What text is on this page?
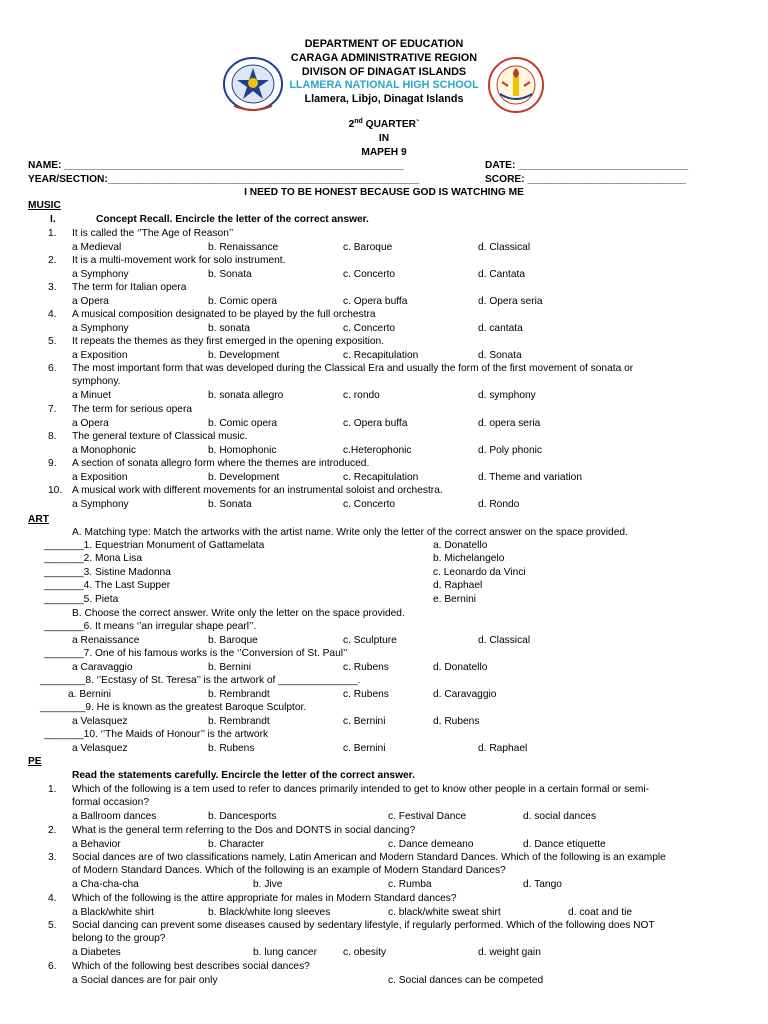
DEPARTMENT OF EDUCATION
CARAGA ADMINISTRATIVE REGION
DIVISON OF DINAGAT ISLANDS
LLAMERA NATIONAL HIGH SCHOOL
Llamera, Libjo, Dinagat Islands
2nd QUARTER`
IN
MAPEH 9
NAME: ____________________________________________________________	DATE: ______________________________
YEAR/SECTION:_______________________________________________________	SCORE: ____________________________
I NEED TO BE HONEST BECAUSE GOD IS WATCHING ME
MUSIC
I.	Concept Recall. Encircle the letter of the correct answer.
1. It is called the ‘’The Age of Reason’’
a Medieval	b. Renaissance	c. Baroque	d. Classical
2. It is a multi-movement work for solo instrument.
a Symphony	b. Sonata	c. Concerto	d. Cantata
3. The term for Italian opera
a Opera	b. Comic opera	c. Opera buffa	d. Opera seria
4. A musical composition designated to be played by the full orchestra
a Symphony	b. sonata	c. Concerto	d. cantata
5. It repeats the themes as they first emerged in the opening exposition.
a Exposition	b. Development	c. Recapitulation	d. Sonata
6. The most important form that was developed during the Classical Era and usually the form of the first movement of sonata or
symphony.
a Minuet	b. sonata allegro	c. rondo	d. symphony
7. The term for serious opera
a Opera	b. Comic opera	c. Opera buffa	d. opera seria
8. The general texture of Classical music.
a Monophonic	b. Homophonic	c.Heterophonic	d. Poly phonic
9. A section of sonata allegro form where the themes are introduced.
a Exposition	b. Development	c. Recapitulation	d. Theme and variation
10. A musical work with different movements for an instrumental soloist and orchestra.
a Symphony	b. Sonata	c. Concerto	d. Rondo
ART
A. Matching type: Match the artworks with the artist name. Write only the letter of the correct answer on the space provided.
_______1. Equestrian Monument of Gattamelata	a. Donatello
_______2. Mona Lisa	b. Michelangelo
_______3. Sistine Madonna	c. Leonardo da Vinci
_______4. The Last Supper	d. Raphael
_______5. Pieta	e. Bernini
B. Choose the correct answer. Write only the letter on the space provided.
_______6. It means ‘’an irregular shape pearl’’.
a Renaissance	b. Baroque	c. Sculpture	d. Classical
_______7. One of his famous works is the ‘’Conversion of St. Paul’’
a Caravaggio	b. Bernini	c. Rubens	d. Donatello
________8. ‘’Ecstasy of St. Teresa’’ is the artwork of ______________.
a. Bernini	b. Rembrandt	c. Rubens	d. Caravaggio
________9. He is known as the greatest Baroque Sculptor.
a Velasquez	b. Rembrandt	c. Bernini	d. Rubens
_______10. ‘’The Maids of Honour’’ is the artwork
a Velasquez	b. Rubens	c. Bernini	d. Raphael
PE
Read the statements carefully. Encircle the letter of the correct answer.
1. Which of the following is a tem used to refer to dances primarily intended to get to know other people in a certain formal or semi-
formal occasion?
a Ballroom dances	b. Dancesports	c. Festival Dance	d. social dances
2. What is the general term referring to the Dos and DONTS in social dancing?
a Behavior	b. Character	c. Dance demeano	d. Dance etiquette
3. Social dances are of two classifications namely, Latin American and Modern Standard Dances. Which of the following is an example
of Modern Standard Dances. Which of the following is an example of Modern Standard Dances?
a Cha-cha-cha	b. Jive	c. Rumba	d. Tango
4. Which of the following is the attire appropriate for males in Modern Standard dances?
a Black/white shirt	b. Black/white long sleeves	c. black/white sweat shirt	d. coat and tie
5. Social dancing can prevent some diseases caused by sedentary lifestyle, if regularly performed. Which of the following does NOT
belong to the group?
a Diabetes	b. lung cancer	c. obesity	d. weight gain
6. Which of the following best describes social dances?
a Social dances are for pair only	c. Social dances can be competed
